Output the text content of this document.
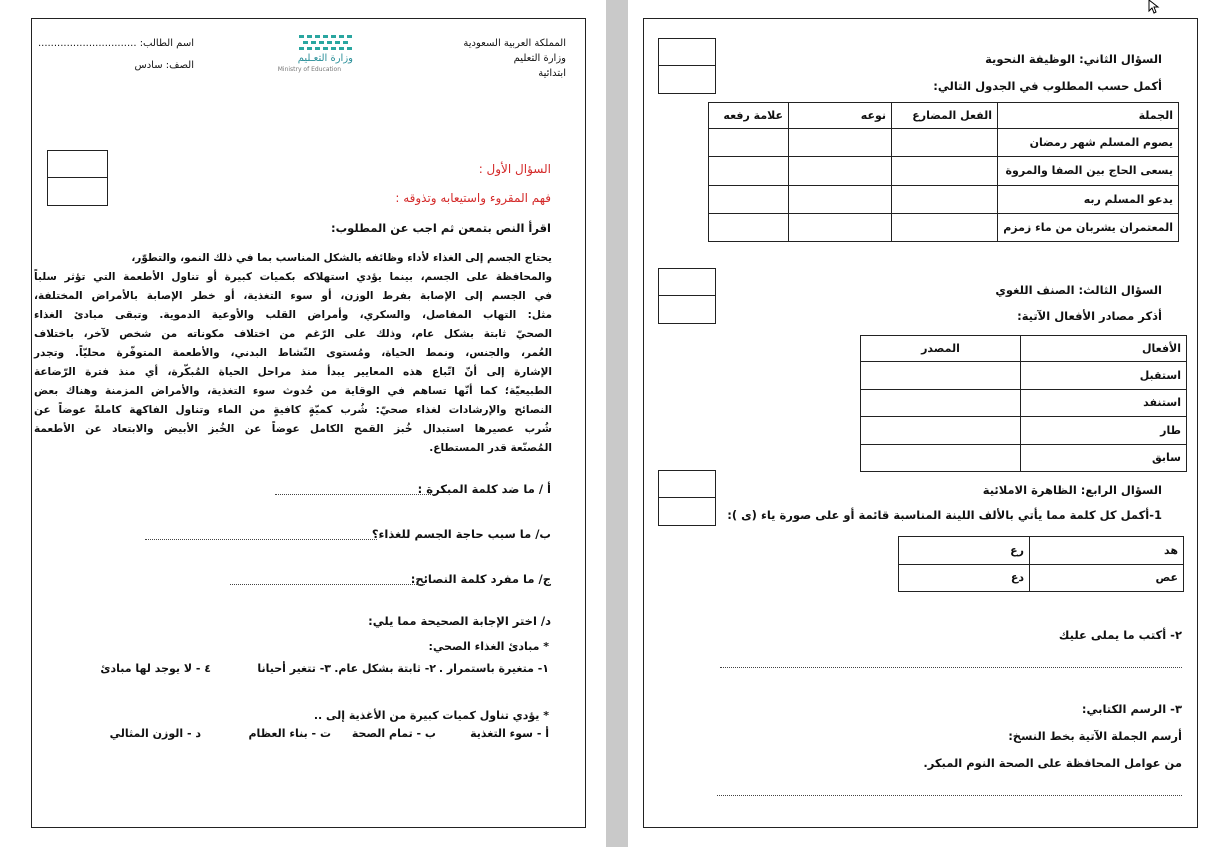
المملكة العربية السعودية
وزارة التعليم
ابتدائية
وزارة التعـليم
Ministry of Education
اسم الطالب: ...............................
الصف: سادس
السؤال الأول :
فهم المقروء واستيعابه وتذوقه :
اقرأ النص بتمعن ثم اجب عن المطلوب:
يحتاج الجسم إلى الغذاء لأداء وظائفه بالشكل المناسب بما في ذلك النمو، والتطوّر،
والمحافظة على الجسم، بينما يؤدي استهلاكه بكميات كبيرة أو تناول الأطعمة التي تؤثر سلباً
في الجسم إلى الإصابة بفرط الوزن، أو سوء التغذية، أو خطر الإصابة بالأمراض المختلفة،
مثل: التهاب المفاصل، والسكري، وأمراض القلب والأوعية الدموية. وتبقى مبادئ الغذاء
الصحيّ ثابتة بشكل عام، وذلك على الرّغم من اختلاف مكوناته من شخص لآخر، باختلاف
العُمر، والجنس، ونمط الحياة، ومُستوى النّشاط البدني، والأطعمة المتوفّرة محليّاً. وتجدر
الإشارة إلى أنّ اتّباع هذه المعايير يبدأ منذ مراحل الحياة المُبكّرة، أي منذ فترة الرّضاعة
الطبيعيّة؛ كما أنّها تساهم في الوقاية من حُدوث سوء التغذية، والأمراض المزمنة وهناك بعض
النصائح والإرشادات لغذاء صحيّ: شُرب كميّةٍ كافيةٍ من الماء وتناول الفاكهة كاملةً عوضاً عن
شُرب عصيرها استبدال خُبز القمح الكامل عوضاً عن الخُبز الأبيض والابتعاد عن الأطعمة
المُصنّعة قدر المستطاع.
أ / ما ضد كلمة المبكرة :
ب/ ما سبب حاجة الجسم للغذاء؟
ج/ ما مفرد كلمة النصائح:
د/ اختر الإجابة الصحيحة مما يلي:
* مبادئ الغذاء الصحي:
١- متغيرة باستمرار .
٢- ثابتة بشكل عام.
٣- تتغير أحيانا
٤ - لا يوجد لها مبادئ
* يؤدي تناول كميات كبيرة من الأغذية إلى ..
أ - سوء التغذية
ب - تمام الصحة
ت - بناء العظام
د - الوزن المثالي
السؤال الثاني: الوظيفة النحوية
أكمل حسب المطلوب في الجدول التالي:
الجملة	الفعل المضارع	نوعه	علامة رفعه
يصوم المسلم شهر رمضان			
يسعى الحاج بين الصفا والمروة			
يدعو المسلم ربه			
المعتمران يشربان من ماء زمزم			
السؤال الثالث: الصنف اللغوي
أذكر مصادر الأفعال الآتية:
الأفعال	المصدر
استقبل	
استنفد	
طار	
سابق	
السؤال الرابع: الظاهرة الاملائية
1-أكمل كل كلمة مما يأتي بالألف اللينة المناسبة قائمة أو على صورة ياء (ى ):
هد	رع
عص	دع
٢- أكتب ما يملى عليك
٣- الرسم الكتابي:
أرسم الجملة الآتية بخط النسخ:
من عوامل المحافظة على الصحة النوم المبكر.
